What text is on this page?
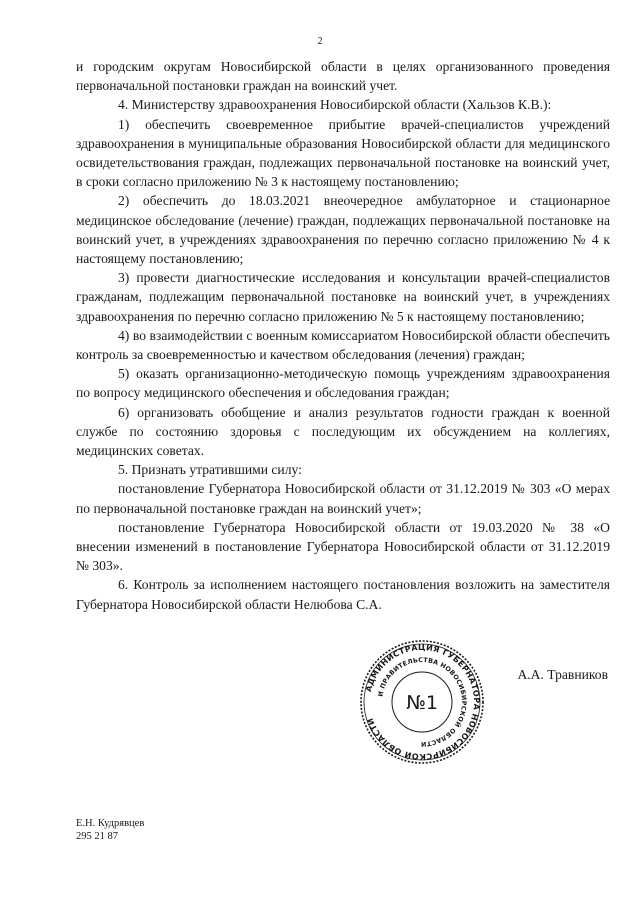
2

и городским округам Новосибирской области в целях организованного проведения первоначальной постановки граждан на воинский учет.

4. Министерству здравоохранения Новосибирской области (Хальзов К.В.):

1) обеспечить своевременное прибытие врачей-специалистов учреждений здравоохранения в муниципальные образования Новосибирской области для медицинского освидетельствования граждан, подлежащих первоначальной постановке на воинский учет, в сроки согласно приложению № 3 к настоящему постановлению;

2) обеспечить до 18.03.2021 внеочередное амбулаторное и стационарное медицинское обследование (лечение) граждан, подлежащих первоначальной постановке на воинский учет, в учреждениях здравоохранения по перечню согласно приложению № 4 к настоящему постановлению;

3) провести диагностические исследования и консультации врачей-специалистов гражданам, подлежащим первоначальной постановке на воинский учет, в учреждениях здравоохранения по перечню согласно приложению № 5 к настоящему постановлению;

4) во взаимодействии с военным комиссариатом Новосибирской области обеспечить контроль за своевременностью и качеством обследования (лечения) граждан;

5) оказать организационно-методическую помощь учреждениям здравоохранения по вопросу медицинского обеспечения и обследования граждан;

6) организовать обобщение и анализ результатов годности граждан к военной службе по состоянию здоровья с последующим их обсуждением на коллегиях, медицинских советах.

5. Признать утратившими силу:

постановление Губернатора Новосибирской области от 31.12.2019 № 303 «О мерах по первоначальной постановке граждан на воинский учет»;

постановление Губернатора Новосибирской области от 19.03.2020 № 38 «О внесении изменений в постановление Губернатора Новосибирской области от 31.12.2019 № 303».

6. Контроль за исполнением настоящего постановления возложить на заместителя Губернатора Новосибирской области Нелюбова С.А.

АДМИНИСТРАЦИЯ ГУБЕРНАТОРА НОВОСИБИРСКОЙ ОБЛАСТИ
И ПРАВИТЕЛЬСТВА НОВОСИБИРСКОЙ ОБЛАСТИ
№1
А.А. Травников
Е.Н. Кудрявцев
295 21 87
